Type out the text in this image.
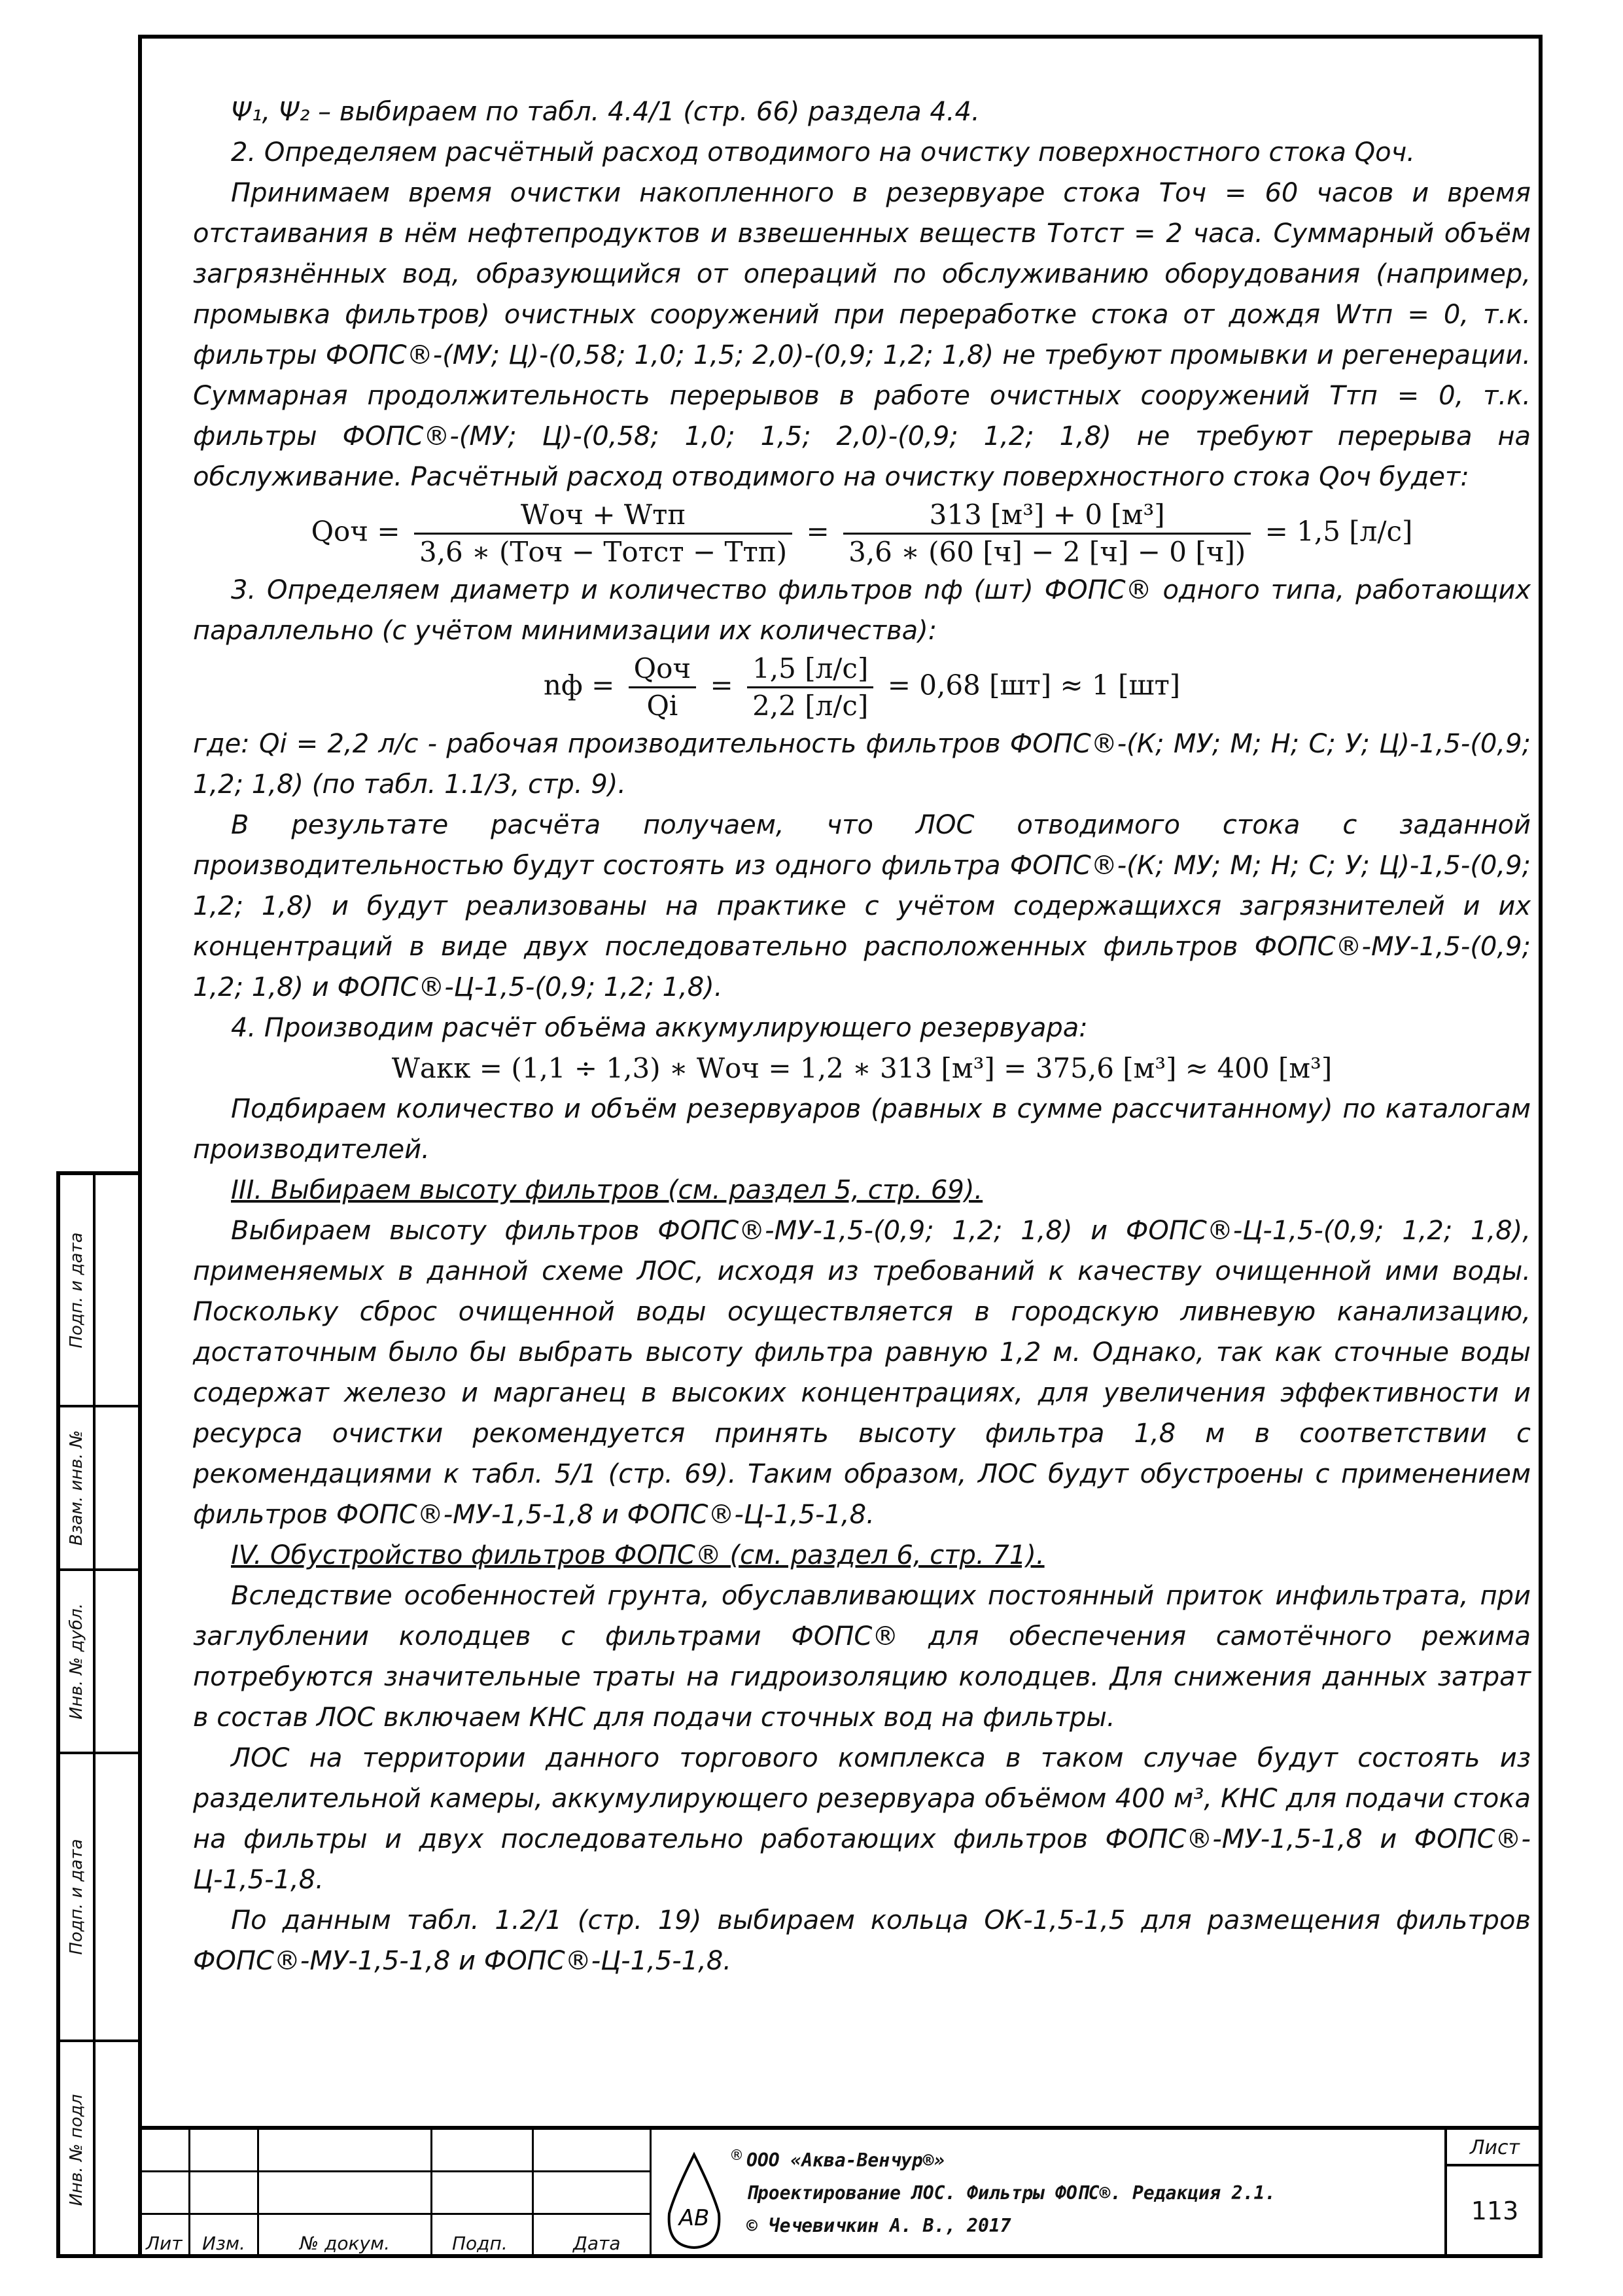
Подп. и дата
Взам. инв. №
Инв. № дубл.
Подп. и дата
Инв. № подл

Ψ₁, Ψ₂ – выбираем по табл. 4.4/1 (стр. 66) раздела 4.4.

2. Определяем расчётный расход отводимого на очистку поверхностного стока Qоч.

Принимаем время очистки накопленного в резервуаре стока Tоч = 60 часов и время отстаивания в нём нефтепродуктов и взвешенных веществ Tотст = 2 часа. Суммарный объём загрязнённых вод, образующийся от операций по обслуживанию оборудования (например, промывка фильтров) очистных сооружений при переработке стока от дождя Wтп = 0, т.к. фильтры ФОПС®-(МУ; Ц)-(0,58; 1,0; 1,5; 2,0)-(0,9; 1,2; 1,8) не требуют промывки и регенерации. Суммарная продолжительность перерывов в работе очистных сооружений Tтп = 0, т.к. фильтры ФОПС®-(МУ; Ц)-(0,58; 1,0; 1,5; 2,0)-(0,9; 1,2; 1,8) не требуют перерыва на обслуживание. Расчётный расход отводимого на очистку поверхностного стока Qоч будет:

Qоч = $\frac{\text{Wоч + Wтп}}{\text{3,6 ∗ (Tоч − Tотст − Tтп)}} = \frac{\text{313 [м³] + 0 [м³]}}{3,6 ∗ (60 [ч] - 2 [ч] - 0 [ч])} = 1,5$ [л/с]

3. Определяем диаметр и количество фильтров nф (шт) ФОПС® одного типа, работающих параллельно (с учётом минимизации их количества):

nф = $\frac{\text{Qоч}}{Qi} = \frac{1,5 [л/с]}{2,2 [л/с]} = 0,68$ [шт] ≈ 1 [шт]

где: Qi = 2,2 л/с - рабочая производительность фильтров ФОПС®-(К; МУ; М; Н; С; У; Ц)-1,5-(0,9; 1,2; 1,8) (по табл. 1.1/3, стр. 9).

В результате расчёта получаем, что ЛОС отводимого стока с заданной производительностью будут состоять из одного фильтра ФОПС®-(К; МУ; М; Н; С; У; Ц)-1,5-(0,9; 1,2; 1,8) и будут реализованы на практике с учётом содержащихся загрязнителей и их концентраций в виде двух последовательно расположенных фильтров ФОПС®-МУ-1,5-(0,9; 1,2; 1,8) и ФОПС®-Ц-1,5-(0,9; 1,2; 1,8).

4. Производим расчёт объёма аккумулирующего резервуара:

Wакк = (1,1 ÷ 1,3) ∗ Wоч = 1,2 ∗ 313 [м³] = 375,6 [м³] ≈ 400 [м³]

Подбираем количество и объём резервуаров (равных в сумме рассчитанному) по каталогам производителей.

III. Выбираем высоту фильтров (см. раздел 5, стр. 69).

Выбираем высоту фильтров ФОПС®-МУ-1,5-(0,9; 1,2; 1,8) и ФОПС®-Ц-1,5-(0,9; 1,2; 1,8), применяемых в данной схеме ЛОС, исходя из требований к качеству очищенной ими воды. Поскольку сброс очищенной воды осуществляется в городскую ливневую канализацию, достаточным было бы выбрать высоту фильтра равную 1,2 м. Однако, так как сточные воды содержат железо и марганец в высоких концентрациях, для увеличения эффективности и ресурса очистки рекомендуется принять высоту фильтра 1,8 м в соответствии с рекомендациями к табл. 5/1 (стр. 69). Таким образом, ЛОС будут обустроены с применением фильтров ФОПС®-МУ-1,5-1,8 и ФОПС®-Ц-1,5-1,8.

IV. Обустройство фильтров ФОПС® (см. раздел 6, стр. 71).

Вследствие особенностей грунта, обуславливающих постоянный приток инфильтрата, при заглублении колодцев с фильтрами ФОПС® для обеспечения самотёчного режима потребуются значительные траты на гидроизоляцию колодцев. Для снижения данных затрат в состав ЛОС включаем КНС для подачи сточных вод на фильтры.

ЛОС на территории данного торгового комплекса в таком случае будут состоять из разделительной камеры, аккумулирующего резервуара объёмом 400 м³, КНС для подачи стока на фильтры и двух последовательно работающих фильтров ФОПС®-МУ-1,5-1,8 и ФОПС®-Ц-1,5-1,8.

По данным табл. 1.2/1 (стр. 19) выбираем кольца ОК-1,5-1,5 для размещения фильтров ФОПС®-МУ-1,5-1,8 и ФОПС®-Ц-1,5-1,8.

Лит Изм.	№ докум.	Подп.	Дата
АВ
® ООО «Аква-Венчур®»
Проектирование ЛОС. Фильтры ФОПС®. Редакция 2.1.
© Чечевичкин А. В., 2017
Лист
113
